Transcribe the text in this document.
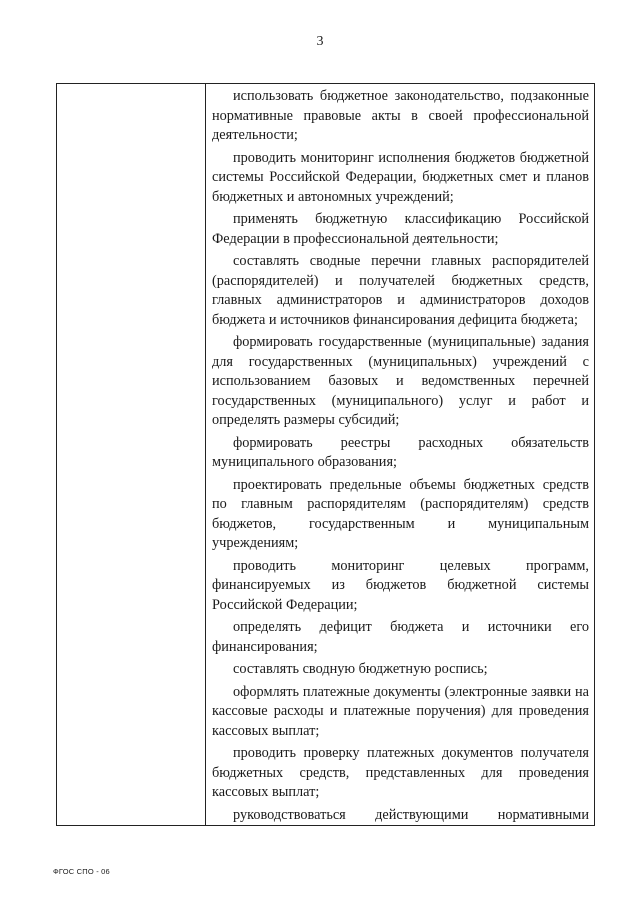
3

использовать бюджетное законодательство, подзаконные нормативные правовые акты в своей профессиональной деятельности;

проводить мониторинг исполнения бюджетов бюджетной системы Российской Федерации, бюджетных смет и планов бюджетных и автономных учреждений;

применять бюджетную классификацию Российской Федерации в профессиональной деятельности;

составлять сводные перечни главных распорядителей (распорядителей) и получателей бюджетных средств, главных администраторов и администраторов доходов бюджета и источников финансирования дефицита бюджета;

формировать государственные (муниципальные) задания для государственных (муниципальных) учреждений с использованием базовых и ведомственных перечней государственных (муниципального) услуг и работ и определять размеры субсидий;

формировать реестры расходных обязательств муниципального образования;

проектировать предельные объемы бюджетных средств по главным распорядителям (распорядителям) средств бюджетов, государственным и муниципальным учреждениям;

проводить мониторинг целевых программ, финансируемых из бюджетов бюджетной системы Российской Федерации;

определять дефицит бюджета и источники его финансирования;

составлять сводную бюджетную роспись;

оформлять платежные документы (электронные заявки на кассовые расходы и платежные поручения) для проведения кассовых выплат;

проводить проверку платежных документов получателя бюджетных средств, представленных для проведения кассовых выплат;

руководствоваться действующими нормативными

ФГОС СПО - 06
